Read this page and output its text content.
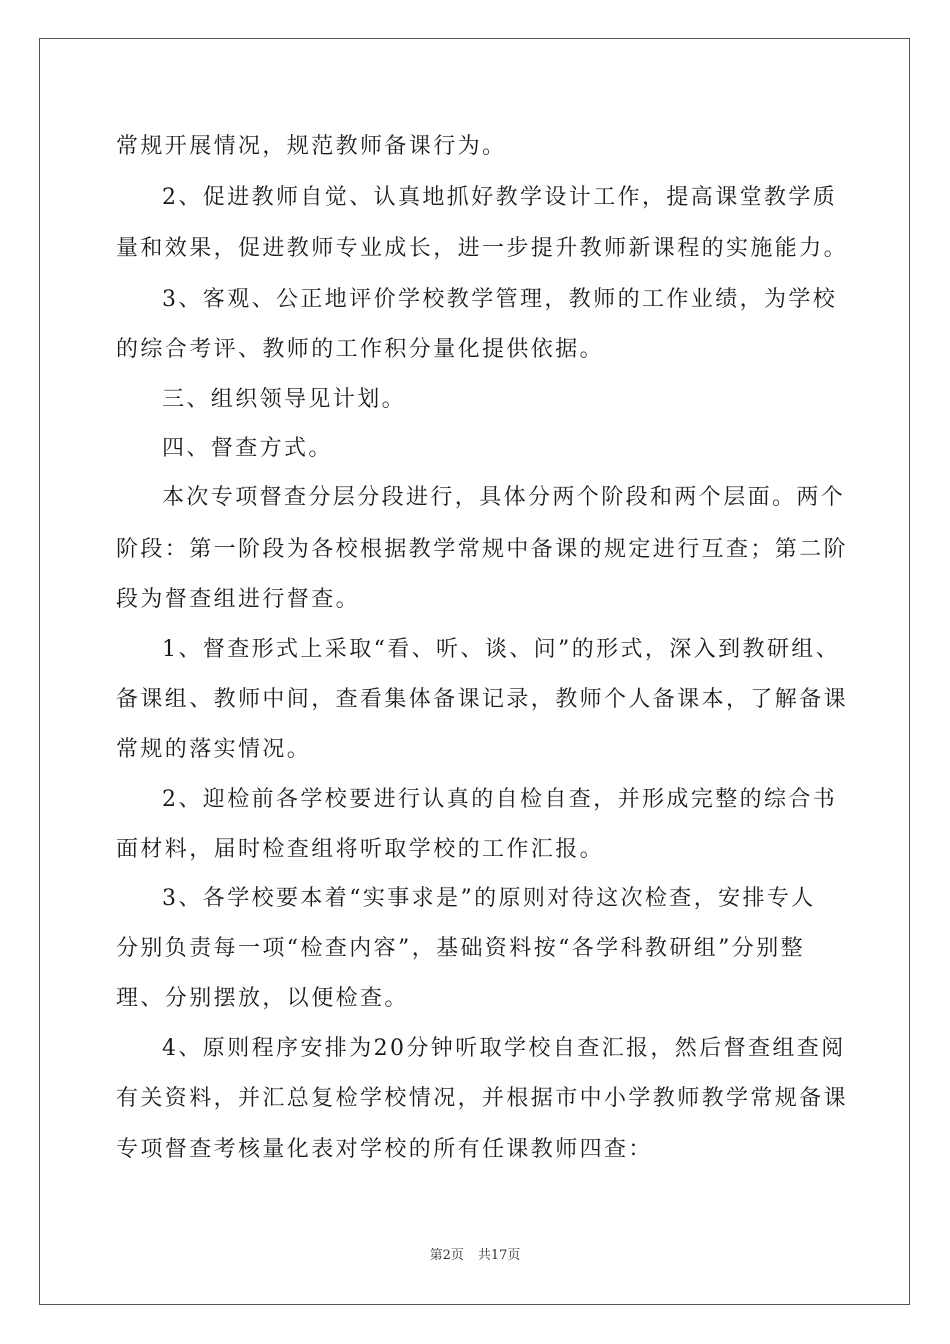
常规开展情况，规范教师备课行为。
2、促进教师自觉、认真地抓好教学设计工作，提高课堂教学质
量和效果，促进教师专业成长，进一步提升教师新课程的实施能力。
3、客观、公正地评价学校教学管理，教师的工作业绩，为学校
的综合考评、教师的工作积分量化提供依据。
三、组织领导见计划。
四、督查方式。
本次专项督查分层分段进行，具体分两个阶段和两个层面。两个
阶段：第一阶段为各校根据教学常规中备课的规定进行互查；第二阶
段为督查组进行督查。
1、督查形式上采取“看、听、谈、问”的形式，深入到教研组、
备课组、教师中间，查看集体备课记录，教师个人备课本，了解备课
常规的落实情况。
2、迎检前各学校要进行认真的自检自查，并形成完整的综合书
面材料，届时检查组将听取学校的工作汇报。
3、各学校要本着“实事求是”的原则对待这次检查，安排专人
分别负责每一项“检查内容”，基础资料按“各学科教研组”分别整
理、分别摆放，以便检查。
4、原则程序安排为20分钟听取学校自查汇报，然后督查组查阅
有关资料，并汇总复检学校情况，并根据市中小学教师教学常规备课
专项督查考核量化表对学校的所有任课教师四查：
第2页 共17页
